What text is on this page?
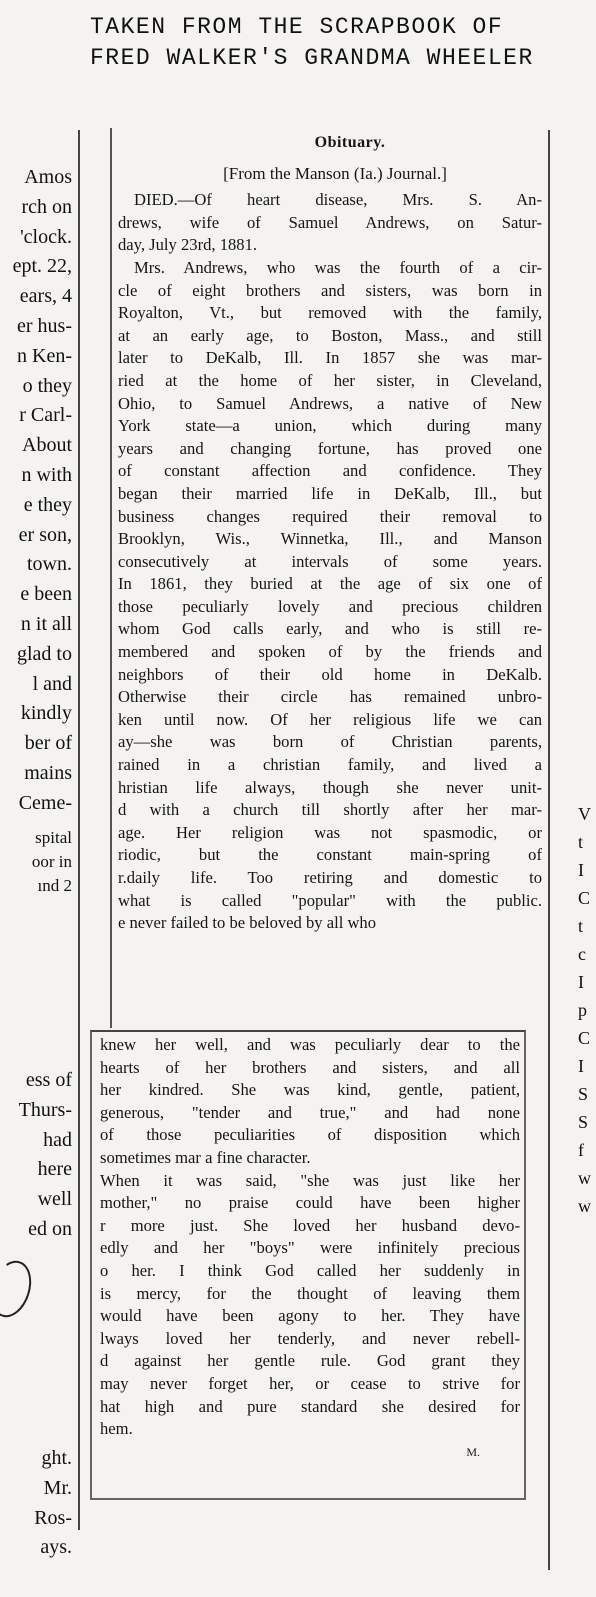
TAKEN FROM THE SCRAPBOOK OF
FRED WALKER'S GRANDMA WHEELER
Amos
rch on
'clock.
ept. 22,
ears, 4
er hus-
n Ken-
o they
r Carl-
About
n with
e they
er son,
town.
e been
n it all
glad to
l and
kindly
ber of
mains
Ceme-
spital
oor in
ınd 2
ess of
Thurs-
had
here
well
ed on
ght.
Mr.
Ros-
ays.
V
t
I
C
t
c
I
p
C
I
S
S
f
w
w
Obituary.
[From the Manson (Ia.) Journal.]
DIED.—Of heart disease, Mrs. S. An-
drews, wife of Samuel Andrews, on Satur-
day, July 23rd, 1881.
Mrs. Andrews, who was the fourth of a cir-
cle of eight brothers and sisters, was born in
Royalton, Vt., but removed with the family,
at an early age, to Boston, Mass., and still
later to DeKalb, Ill. In 1857 she was mar-
ried at the home of her sister, in Cleveland,
Ohio, to Samuel Andrews, a native of New
York state—a union, which during many
years and changing fortune, has proved one
of constant affection and confidence. They
began their married life in DeKalb, Ill., but
business changes required their removal to
Brooklyn, Wis., Winnetka, Ill., and Manson
consecutively at intervals of some years.
In 1861, they buried at the age of six one of
those peculiarly lovely and precious children
whom God calls early, and who is still re-
membered and spoken of by the friends and
neighbors of their old home in DeKalb.
Otherwise their circle has remained unbro-
ken until now. Of her religious life we can
ay—she was born of Christian parents,
rained in a christian family, and lived a
hristian life always, though she never unit-
d with a church till shortly after her mar-
age. Her religion was not spasmodic, or
riodic, but the constant main-spring of
r.daily life. Too retiring and domestic to
what is called "popular" with the public.
e never failed to be beloved by all who
knew her well, and was peculiarly dear to the
hearts of her brothers and sisters, and all
her kindred. She was kind, gentle, patient,
generous, "tender and true," and had none
of those peculiarities of disposition which
sometimes mar a fine character.
When it was said, "she was just like her
mother," no praise could have been higher
r more just. She loved her husband devo-
edly and her "boys" were infinitely precious
o her. I think God called her suddenly in
is mercy, for the thought of leaving them
would have been agony to her. They have
lways loved her tenderly, and never rebell-
d against her gentle rule. God grant they
may never forget her, or cease to strive for
hat high and pure standard she desired for
hem.
M.
